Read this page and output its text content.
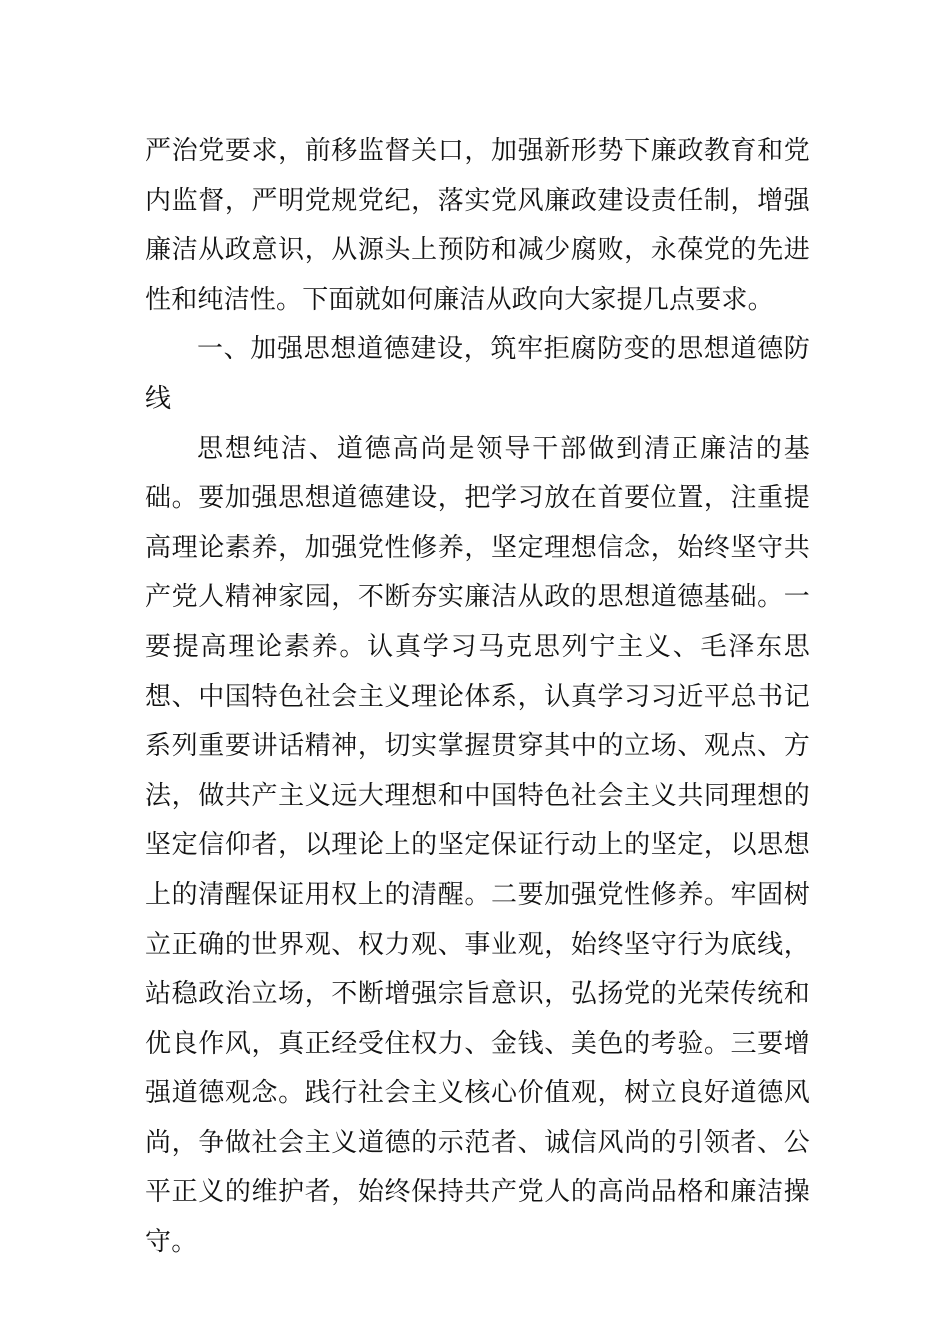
严治党要求，前移监督关口，加强新形势下廉政教育和党内监督，严明党规党纪，落实党风廉政建设责任制，增强廉洁从政意识，从源头上预防和减少腐败，永葆党的先进性和纯洁性。下面就如何廉洁从政向大家提几点要求。

一、加强思想道德建设，筑牢拒腐防变的思想道德防线

思想纯洁、道德高尚是领导干部做到清正廉洁的基础。要加强思想道德建设，把学习放在首要位置，注重提高理论素养，加强党性修养，坚定理想信念，始终坚守共产党人精神家园，不断夯实廉洁从政的思想道德基础。一要提高理论素养。认真学习马克思列宁主义、毛泽东思想、中国特色社会主义理论体系，认真学习习近平总书记系列重要讲话精神，切实掌握贯穿其中的立场、观点、方法，做共产主义远大理想和中国特色社会主义共同理想的坚定信仰者，以理论上的坚定保证行动上的坚定，以思想上的清醒保证用权上的清醒。二要加强党性修养。牢固树立正确的世界观、权力观、事业观，始终坚守行为底线，站稳政治立场，不断增强宗旨意识，弘扬党的光荣传统和优良作风，真正经受住权力、金钱、美色的考验。三要增强道德观念。践行社会主义核心价值观，树立良好道德风尚，争做社会主义道德的示范者、诚信风尚的引领者、公平正义的维护者，始终保持共产党人的高尚品格和廉洁操守。
